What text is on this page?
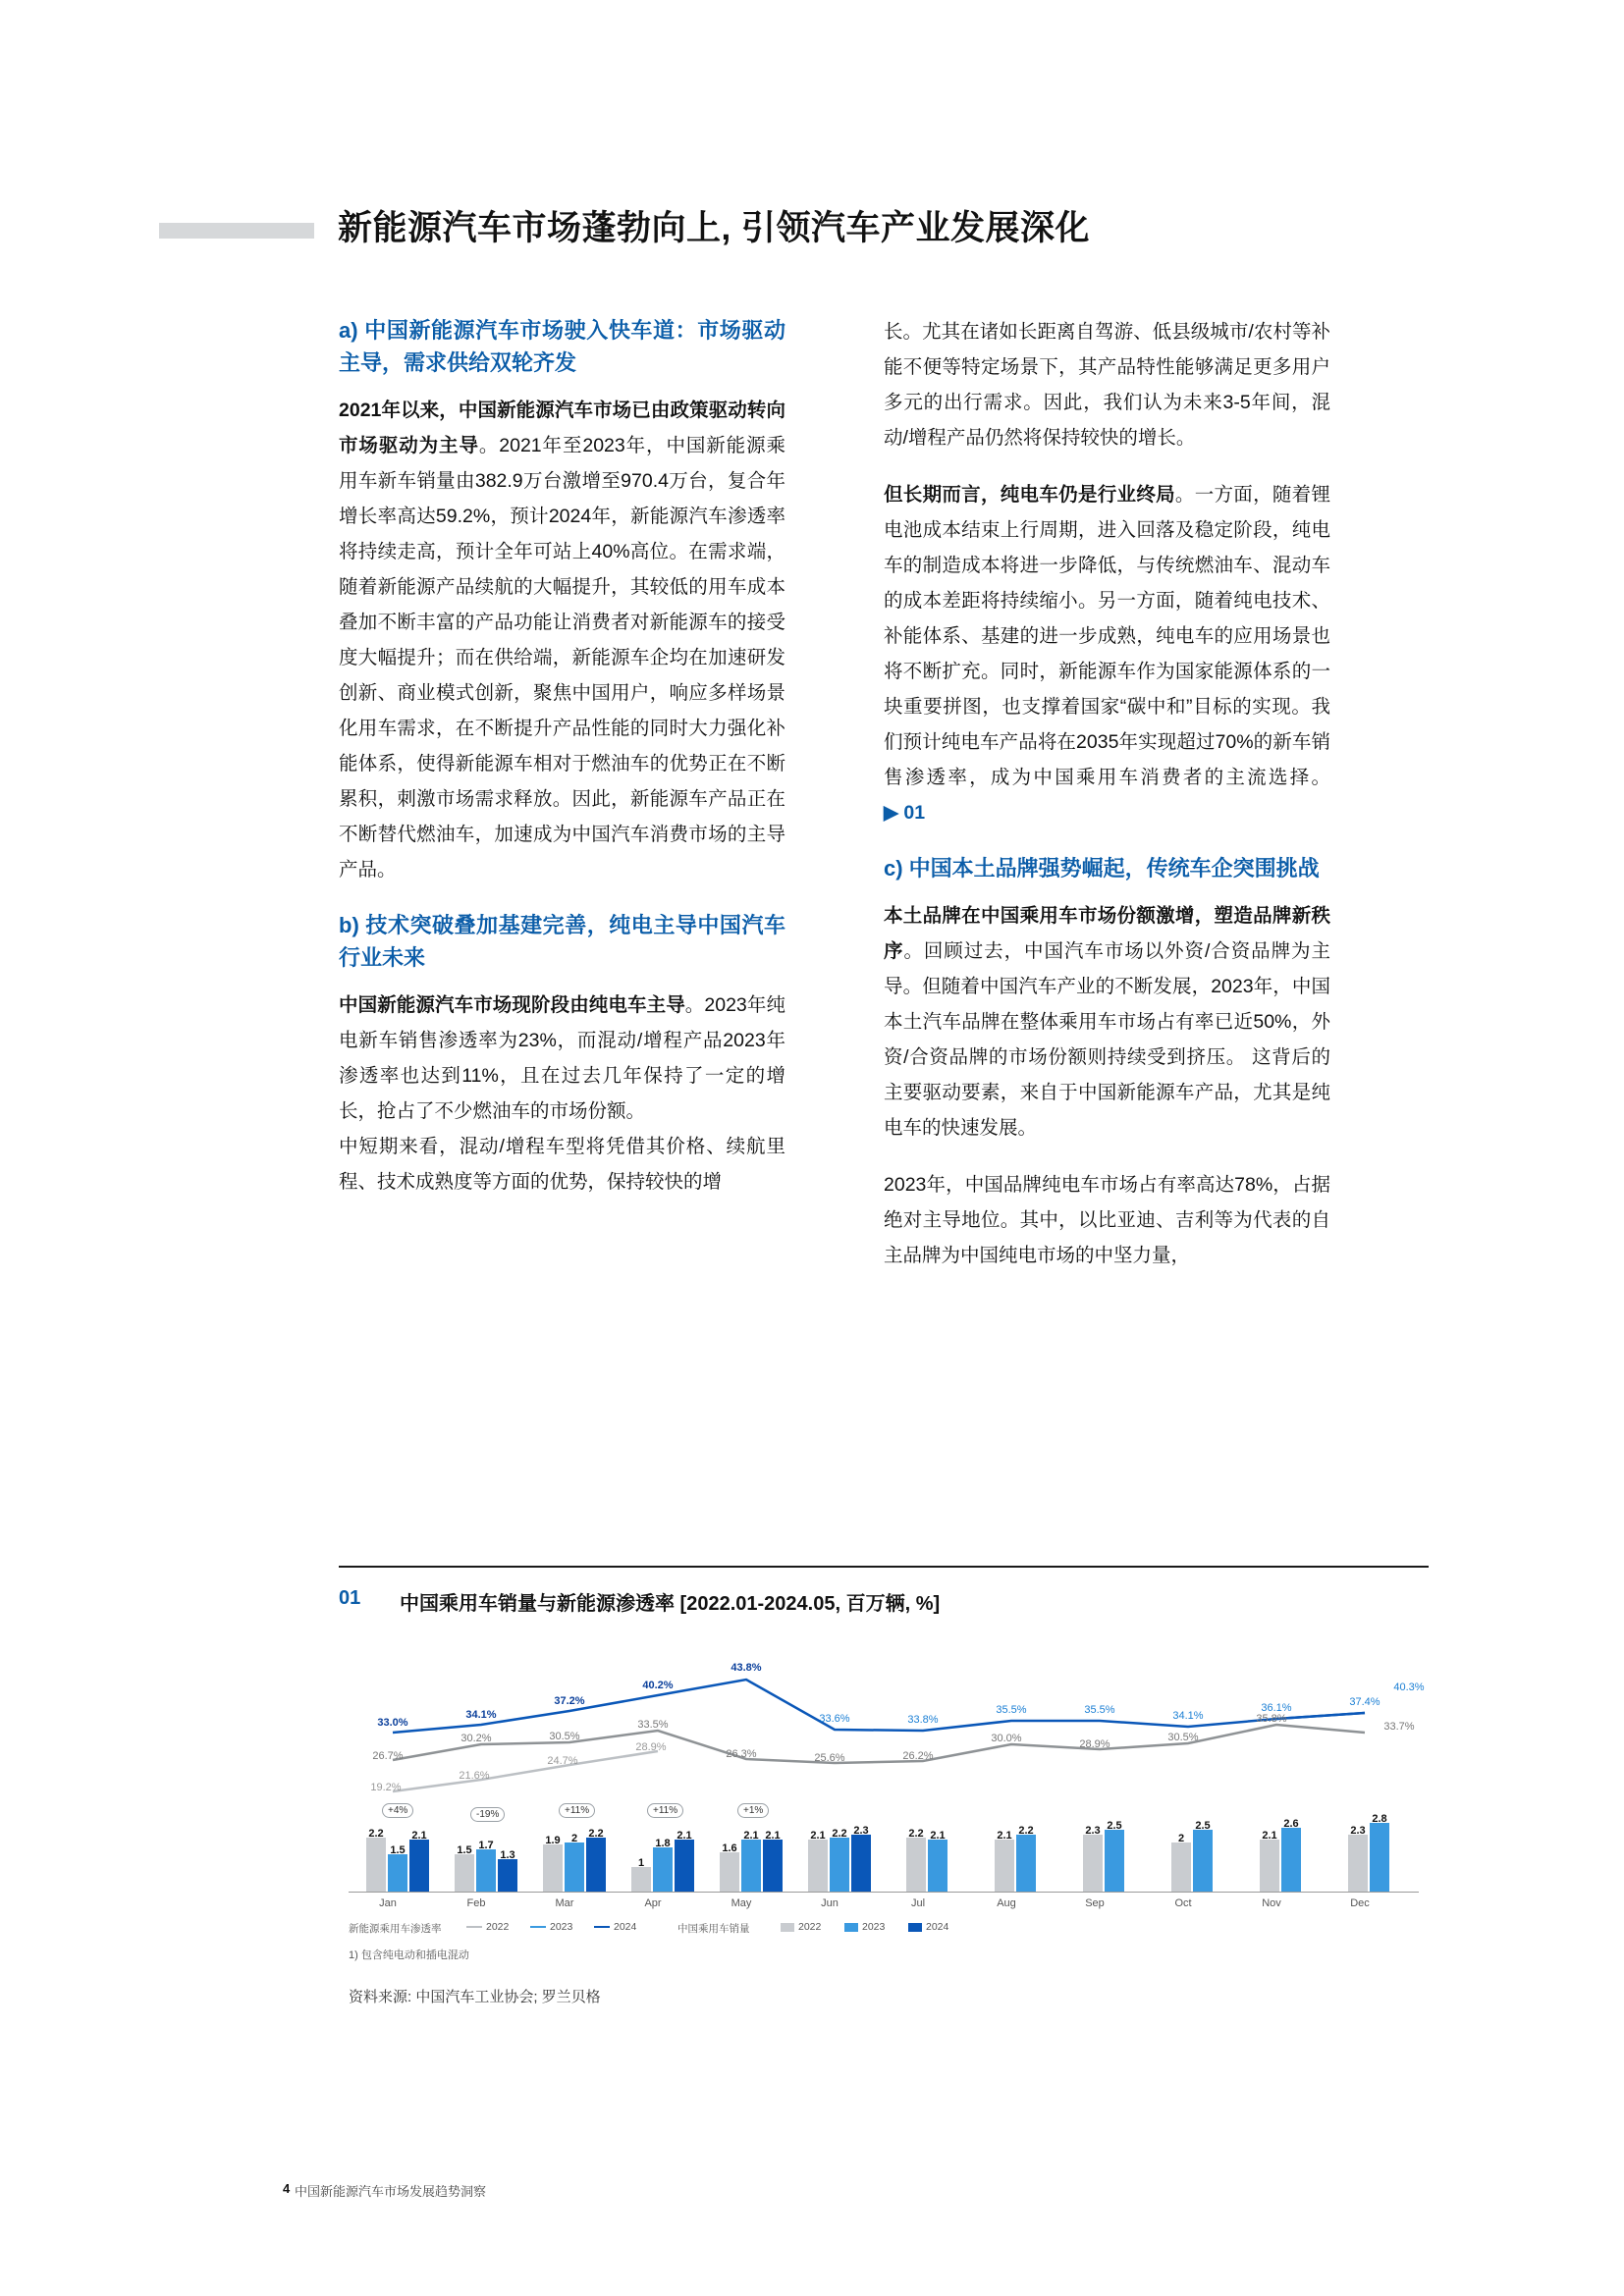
新能源汽车市场蓬勃向上, 引领汽车产业发展深化
a) 中国新能源汽车市场驶入快车道：市场驱动主导，需求供给双轮齐发

2021年以来，中国新能源汽车市场已由政策驱动转向市场驱动为主导。2021年至2023年，中国新能源乘用车新车销量由382.9万台激增至970.4万台，复合年增长率高达59.2%，预计2024年，新能源汽车渗透率将持续走高，预计全年可站上40%高位。在需求端，随着新能源产品续航的大幅提升，其较低的用车成本叠加不断丰富的产品功能让消费者对新能源车的接受度大幅提升；而在供给端，新能源车企均在加速研发创新、商业模式创新，聚焦中国用户，响应多样场景化用车需求，在不断提升产品性能的同时大力强化补能体系，使得新能源车相对于燃油车的优势正在不断累积，刺激市场需求释放。因此，新能源车产品正在不断替代燃油车，加速成为中国汽车消费市场的主导产品。

b) 技术突破叠加基建完善，纯电主导中国汽车行业未来

中国新能源汽车市场现阶段由纯电车主导。2023年纯电新车销售渗透率为23%，而混动/增程产品2023年渗透率也达到11%，且在过去几年保持了一定的增长，抢占了不少燃油车的市场份额。

中短期来看，混动/增程车型将凭借其价格、续航里程、技术成熟度等方面的优势，保持较快的增

长。尤其在诸如长距离自驾游、低县级城市/农村等补能不便等特定场景下，其产品特性能够满足更多用户多元的出行需求。因此，我们认为未来3-5年间，混动/增程产品仍然将保持较快的增长。

但长期而言，纯电车仍是行业终局。一方面，随着锂电池成本结束上行周期，进入回落及稳定阶段，纯电车的制造成本将进一步降低，与传统燃油车、混动车的成本差距将持续缩小。另一方面，随着纯电技术、补能体系、基建的进一步成熟，纯电车的应用场景也将不断扩充。同时，新能源车作为国家能源体系的一块重要拼图，也支撑着国家“碳中和”目标的实现。我们预计纯电车产品将在2035年实现超过70%的新车销售渗透率，成为中国乘用车消费者的主流选择。 ▶ 01

c) 中国本土品牌强势崛起，传统车企突围挑战

本土品牌在中国乘用车市场份额激增，塑造品牌新秩序。回顾过去，中国汽车市场以外资/合资品牌为主导。但随着中国汽车产业的不断发展，2023年，中国本土汽车品牌在整体乘用车市场占有率已近50%，外资/合资品牌的市场份额则持续受到挤压。 这背后的主要驱动要素，来自于中国新能源车产品，尤其是纯电车的快速发展。

2023年，中国品牌纯电车市场占有率高达78%，占据绝对主导地位。其中，以比亚迪、吉利等为代表的自主品牌为中国纯电市场的中坚力量，

01 中国乘用车销量与新能源渗透率 [2022.01-2024.05, 百万辆, %]
33.0%
34.1%
37.2%
40.2%
43.8%
33.6%	33.8%
35.5%	35.5%	34.1%
36.1%	37.4%
40.3%
26.7%
30.2%	30.5%
33.5%
26.3%	25.6%	26.2%
30.0%	28.9%
30.5%
35.8%
33.7%
19.2%
21.6%
24.7%
28.9%
+4%	-19%	+11%	+11%	+1%
2.2
1.5
2.1
1.5 1.7
1.3
1.9	2	2.2
1
1.8
2.1
1.6
2.1 2.1	2.1 2.2 2.3	2.2 2.1	2.1 2.2	2.3 2.5
2
2.5
2.1
2.6
2.3
2.8
Jan	Feb	Mar	Apr	May	Jun	Jul	Aug	Sep	Oct	Nov	Dec
新能源乘用车渗透率	2022	2023	2024	中国乘用车销量	2022	2023	2024
1) 包含纯电动和插电混动
资料来源: 中国汽车工业协会; 罗兰贝格
4 中国新能源汽车市场发展趋势洞察
